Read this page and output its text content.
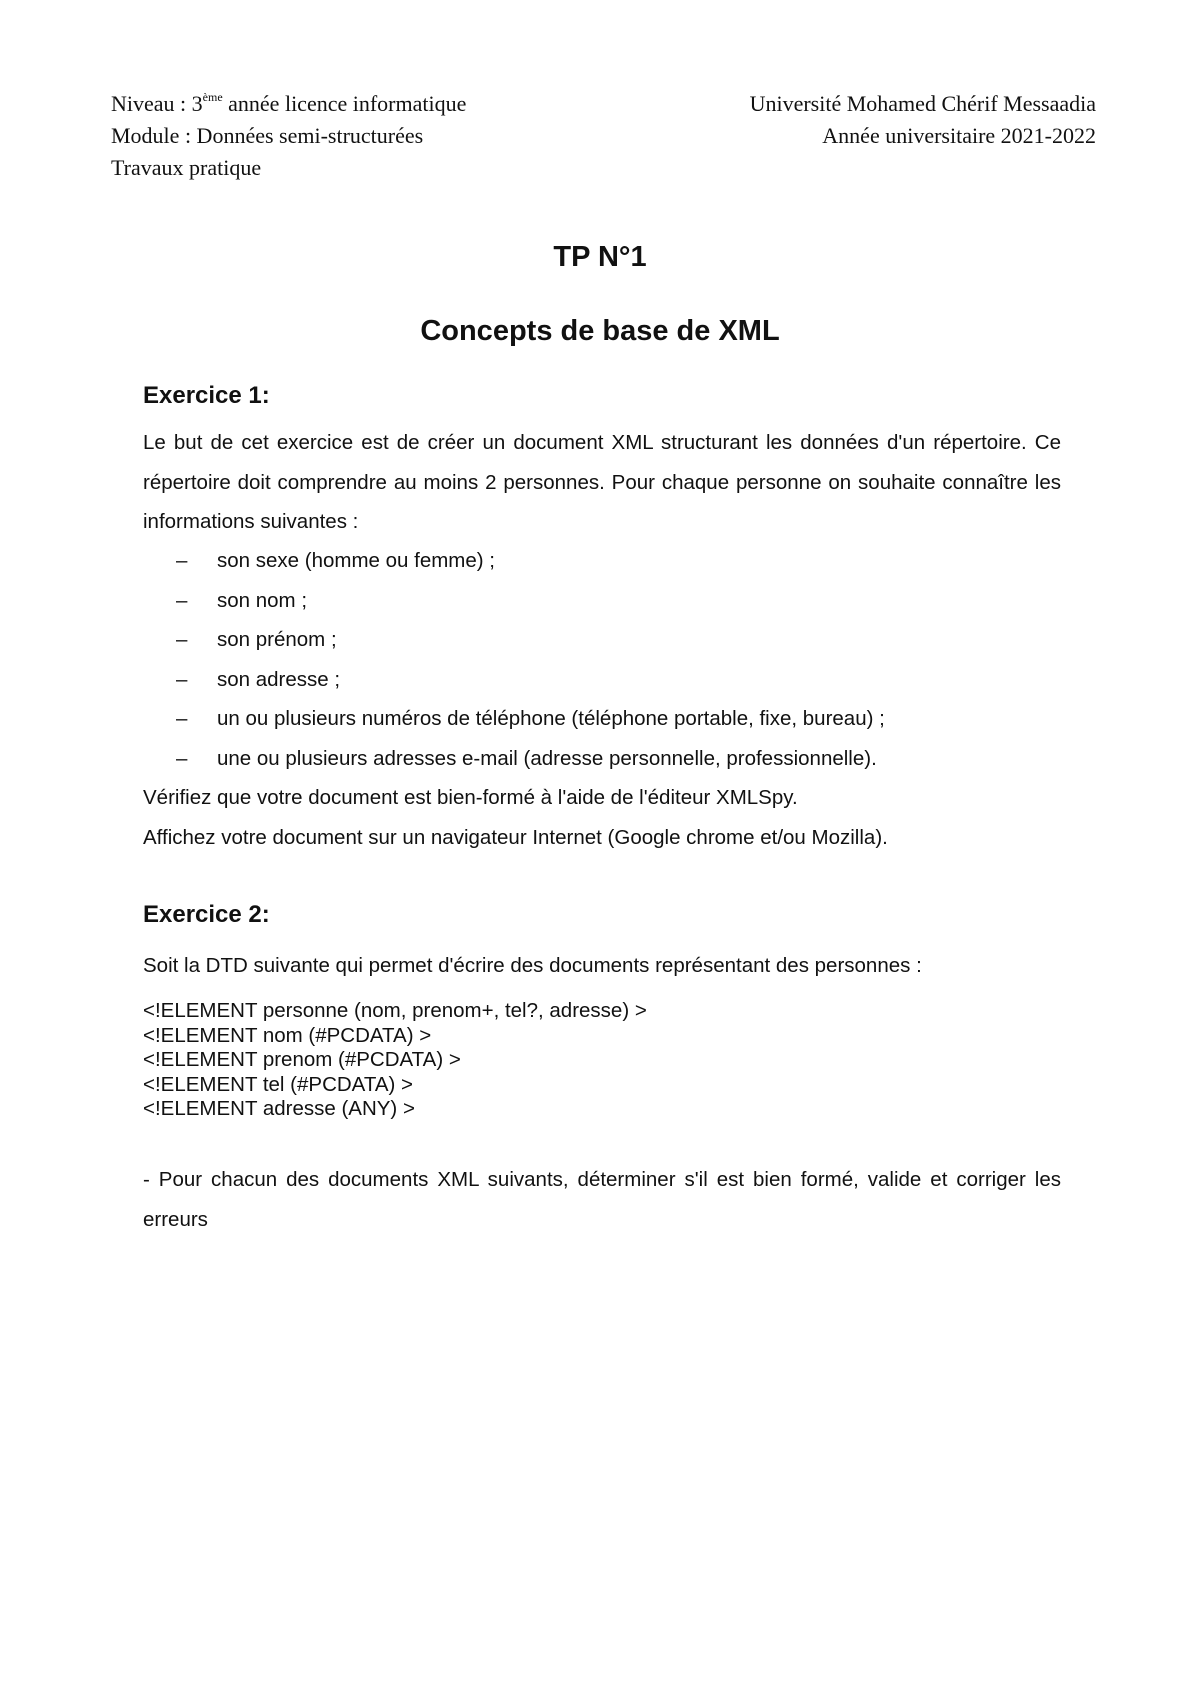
Niveau : 3ème année licence informatique
Module : Données semi-structurées
Travaux pratique
Université Mohamed Chérif Messaadia
Année universitaire 2021-2022
TP N°1
Concepts de base de XML
Exercice 1:
Le but de cet exercice est de créer un document XML structurant les données d'un répertoire. Ce répertoire doit comprendre au moins 2 personnes. Pour chaque personne on souhaite connaître les informations suivantes :
– son sexe (homme ou femme) ;
– son nom ;
– son prénom ;
– son adresse ;
– un ou plusieurs numéros de téléphone (téléphone portable, fixe, bureau) ;
– une ou plusieurs adresses e-mail (adresse personnelle, professionnelle).
Vérifiez que votre document est bien-formé à l'aide de l'éditeur XMLSpy.
Affichez votre document sur un navigateur Internet (Google chrome et/ou Mozilla).
Exercice 2:
Soit la DTD suivante qui permet d'écrire des documents représentant des personnes :
<!ELEMENT personne (nom, prenom+, tel?, adresse) >
<!ELEMENT nom (#PCDATA) >
<!ELEMENT prenom (#PCDATA) >
<!ELEMENT tel (#PCDATA) >
<!ELEMENT adresse (ANY) >
- Pour chacun des documents XML suivants, déterminer s'il est bien formé, valide et corriger les erreurs
